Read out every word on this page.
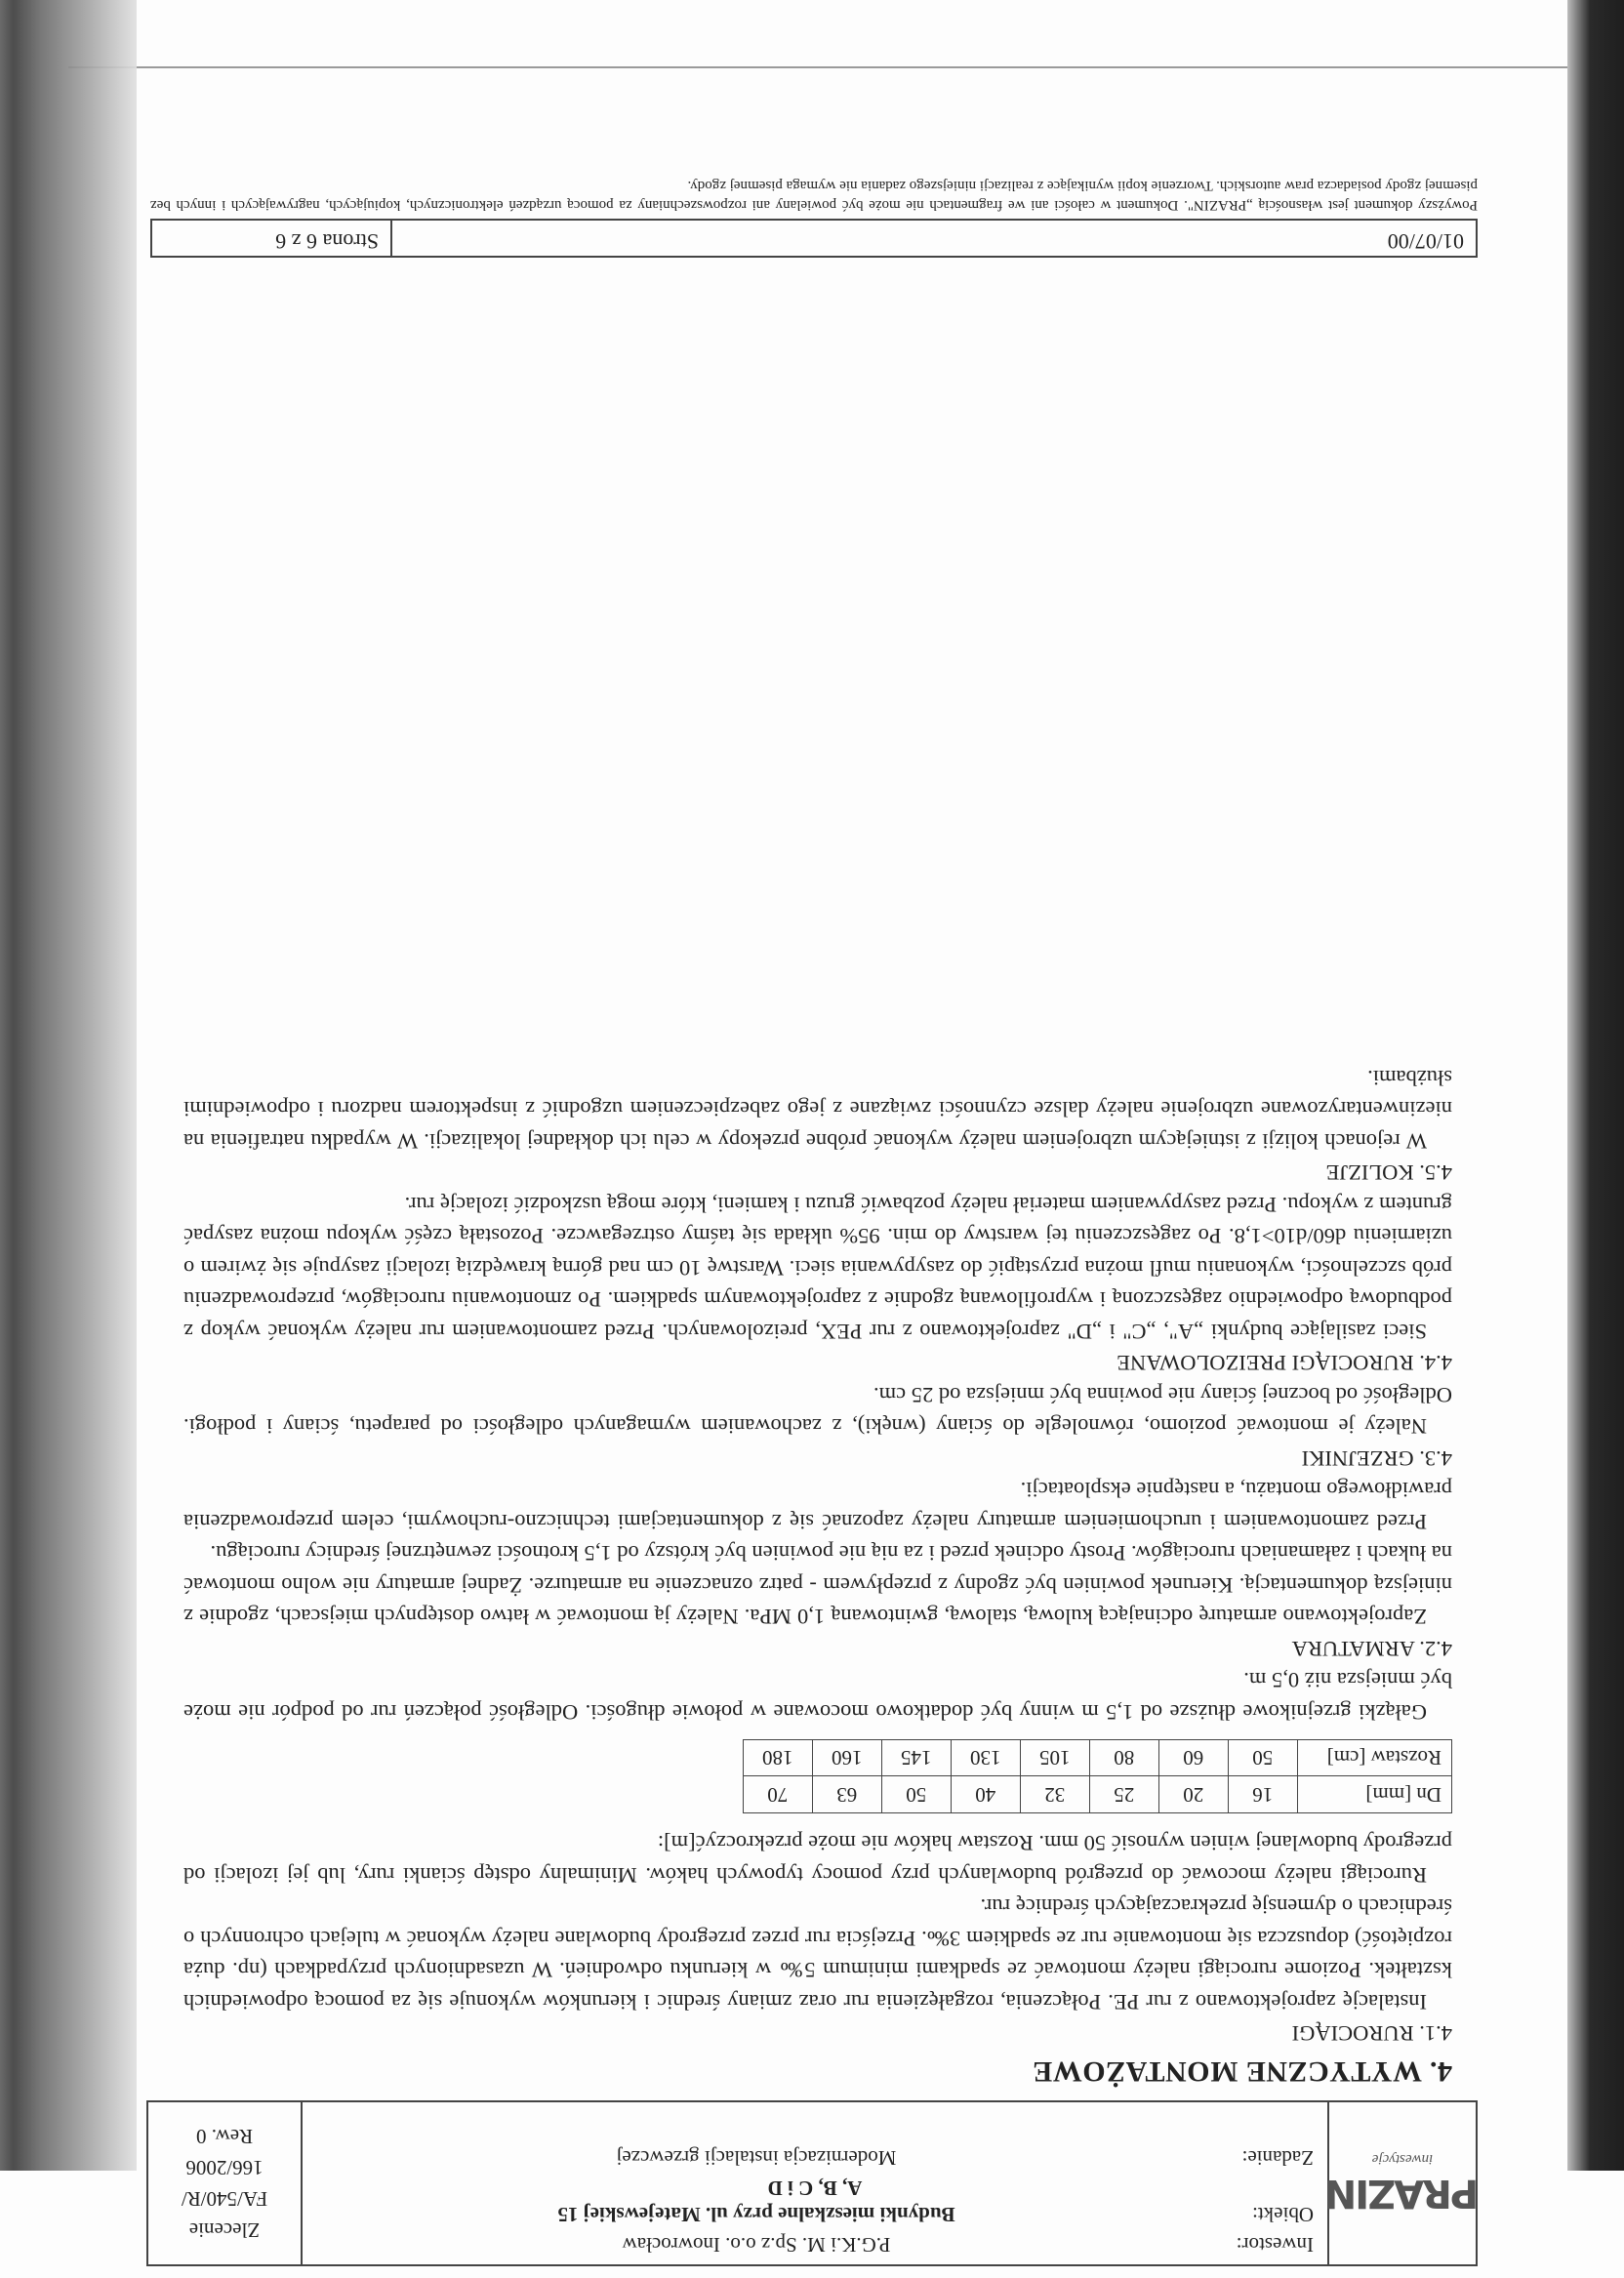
PRAZIN
inwestycje
Inwestor:
P.G.K.i M. Sp.z o.o. Inowrocław
Obiekt:
Budynki mieszkalne przy ul. Matejewskiej 15
A, B, C i D
Zadanie:
Modernizacja instalacji grzewczej
Zlecenie
FA/540/R/
166/2006
Rew. 0
4. WYTYCZNE MONTAŻOWE
4.1. RUROCIĄGI

Instalację zaprojektowano z rur PE. Połączenia, rozgałęzienia rur oraz zmiany średnic i kierunków wykonuje się za pomocą odpowiednich kształtek. Poziome rurociągi należy montować ze spadkami minimum 5‰ w kierunku odwodnień. W uzasadnionych przypadkach (np. duża rozpiętość) dopuszcza się montowanie rur ze spadkiem 3‰. Przejścia rur przez przegrody budowlane należy wykonać w tulejach ochronnych o średnicach o dymensję przekraczających średnicę rur.

Rurociągi należy mocować do przegród budowlanych przy pomocy typowych haków. Minimalny odstęp ścianki rury, lub jej izolacji od przegrody budowlanej winien wynosić 50 mm. Rozstaw haków nie może przekroczyć[m]:

Dn [mm]	16	20	25	32	40	50	63	70
Rozstaw [cm]	50	60	80	105	130	145	160	180

Gałązki grzejnikowe dłuższe od 1,5 m winny być dodatkowo mocowane w połowie długości. Odległość połączeń rur od podpór nie może być mniejsza niż 0,5 m.

4.2. ARMATURA

Zaprojektowano armaturę odcinającą kulową, stalową, gwintowaną 1,0 MPa. Należy ją montować w łatwo dostępnych miejscach, zgodnie z niniejszą dokumentacją. Kierunek powinien być zgodny z przepływem - patrz oznaczenie na armaturze. Żadnej armatury nie wolno montować na łukach i załamaniach rurociągów. Prosty odcinek przed i za nią nie powinien być krótszy od 1,5 krotności zewnętrznej średnicy rurociągu.

Przed zamontowaniem i uruchomieniem armatury należy zapoznać się z dokumentacjami techniczno-ruchowymi, celem przeprowadzenia prawidłowego montażu, a następnie eksploatacji.

4.3. GRZEJNIKI

Należy je montować poziomo, równolegle do ściany (wnęki), z zachowaniem wymaganych odległości od parapetu, ściany i podłogi. Odległość od bocznej ściany nie powinna być mniejsza od 25 cm.

4.4. RUROCIĄGI PREIZOLOWANE

Sieci zasilające budynki „A", „C" i „D" zaprojektowano z rur PEX, preizolowanych. Przed zamontowaniem rur należy wykonać wykop z podbudową odpowiednio zagęszczoną i wyprofilowaną zgodnie z zaprojektowanym spadkiem. Po zmontowaniu rurociągów, przeprowadzeniu prób szczelności, wykonaniu mufl można przystąpić do zasypywania sieci. Warstwę 10 cm nad górną krawędzią izolacji zasypuje się żwirem o uziarnieniu d60/d10>1,8. Po zagęszczeniu tej warstwy do min. 95% układa się taśmy ostrzegawcze. Pozostałą część wykopu można zasypać gruntem z wykopu. Przed zasypywaniem materiał należy pozbawić gruzu i kamieni, które mogą uszkodzić izolację rur.

4.5. KOLIZJE

W rejonach kolizji z istniejącym uzbrojeniem należy wykonać próbne przekopy w celu ich dokładnej lokalizacji. W wypadku natrafienia na niezinwentaryzowane uzbrojenie należy dalsze czynności związane z jego zabezpieczeniem uzgodnić z inspektorem nadzoru i odpowiednimi służbami.

01/07/00
Strona 6 z 6
Powyższy dokument jest własnością „PRAZIN". Dokument w całości ani we fragmentach nie może być powielany ani rozpowszechniany za pomocą urządzeń elektronicznych, kopiujących, nagrywających i innych bez pisemnej zgody posiadacza praw autorskich. Tworzenie kopii wynikające z realizacji niniejszego zadania nie wymaga pisemnej zgody.
